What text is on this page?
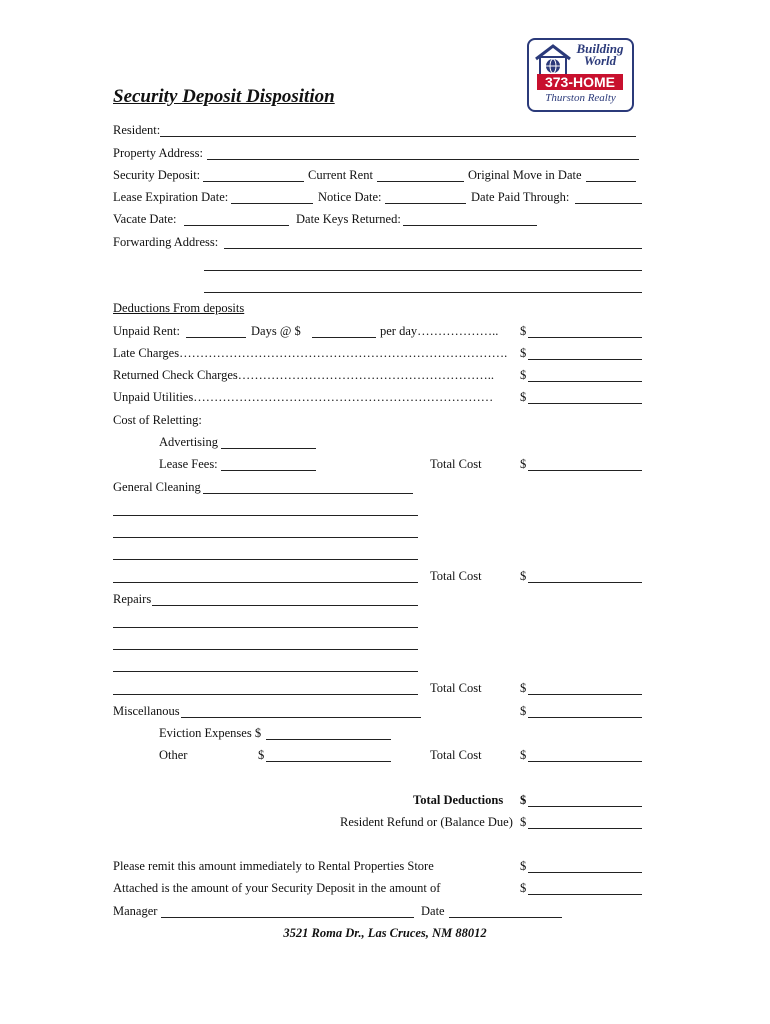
Building
World
373-HOME
Thurston Realty
Security Deposit Disposition
Resident:
Property Address:
Security Deposit:	Current Rent	Original Move in Date
Lease Expiration Date:	Notice Date:	Date Paid Through:
Vacate Date:	Date Keys Returned:
Forwarding Address:
Deductions From deposits
Unpaid Rent:	Days @ $	per day……………….. $
Late Charges……………………………………………………………………. $
Returned Check Charges…………………………………………………….. $
Unpaid Utilities……………………………………………………………… $
Cost of Reletting:
Advertising
Lease Fees:	Total Cost	$
General Cleaning
Total Cost	$
Repairs
Total Cost	$
Miscellanous	$
Eviction Expenses $
Other	$	Total Cost	$
Total Deductions $
Resident Refund or (Balance Due) $
Please remit this amount immediately to Rental Properties Store	$
Attached is the amount of your Security Deposit in the amount of	$
Manager	Date
3521 Roma Dr., Las Cruces, NM 88012
